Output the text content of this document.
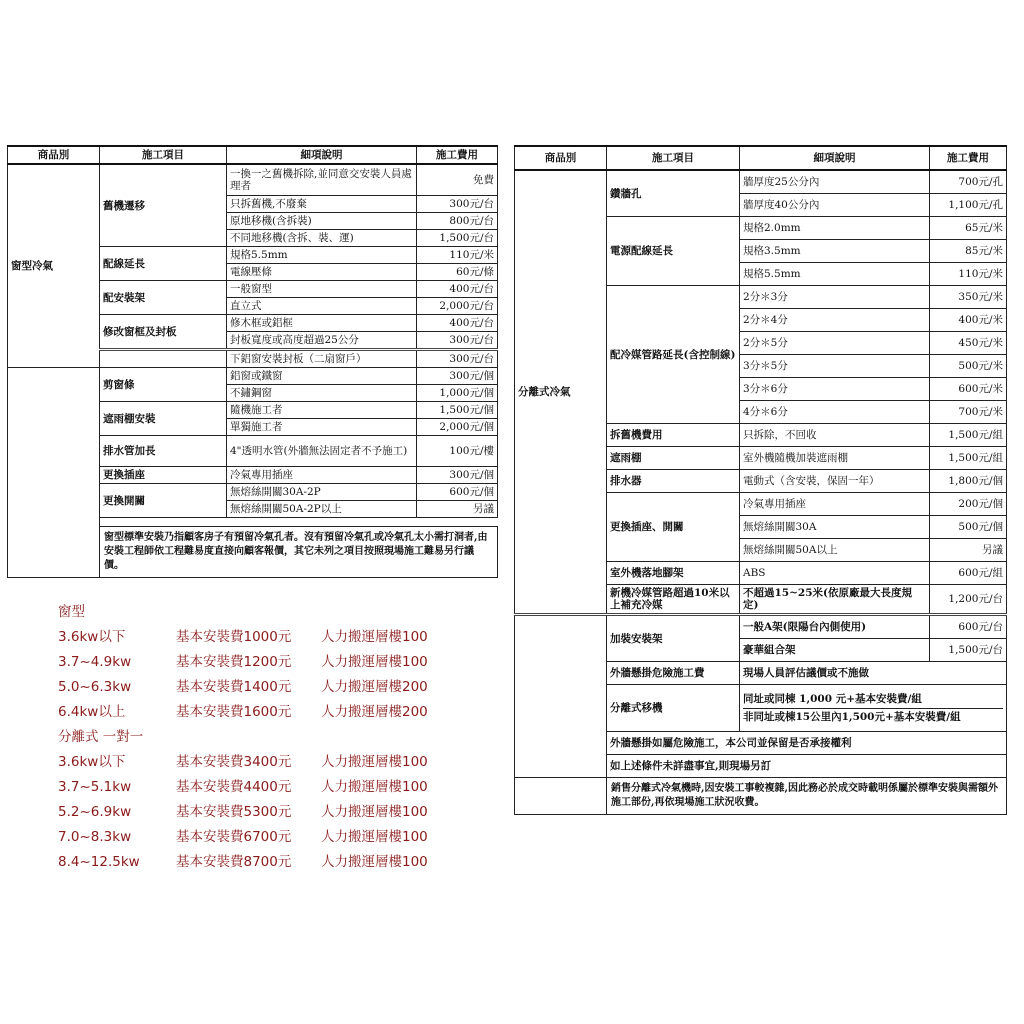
商品別	施工項目	細項說明	施工費用
窗型冷氣	舊機遷移	一換一之舊機拆除,並同意交安裝人員處理者	免費
		只拆舊機,不廢棄	300元/台
		原地移機(含拆裝)	800元/台
		不同地移機(含拆、裝、運)	1,500元/台
	配線延長	規格5.5mm	110元/米
		電線壓條	60元/條
	配安裝架	一般窗型	400元/台
		直立式	2,000元/台
	修改窗框及封板	修木框或鋁框	400元/台
		封板寬度或高度超過25公分	300元/台
		下鋁窗安裝封板（二扇窗戶）	300元/台
	剪窗條	鋁窗或鐵窗	300元/個
		不鏽鋼窗	1,000元/個
	遮雨棚安裝	隨機施工者	1,500元/個
		單獨施工者	2,000元/個
	排水管加長	4"透明水管(外牆無法固定者不予施工)	100元/樓
	更換插座	冷氣專用插座	300元/個
	更換開關	無熔絲開關30A-2P	600元/個
		無熔絲開關50A-2P以上	另議

	窗型標準安裝乃指顧客房子有預留冷氣孔者。沒有預留冷氣孔或冷氣孔太小需打洞者,由安裝工程師依工程難易度直接向顧客報價，其它未列之項目按照現場施工難易另行議價。		
商品別	施工項目	細項說明	施工費用
分離式冷氣	鑽牆孔	牆厚度25公分內	700元/孔
		牆厚度40公分內	1,100元/孔
	電源配線延長	規格2.0mm	65元/米
		規格3.5mm	85元/米
		規格5.5mm	110元/米
	配冷媒管路延長(含控制線)	2分＊3分	350元/米
		2分＊4分	400元/米
		2分＊5分	450元/米
		3分＊5分	500元/米
		3分＊6分	600元/米
		4分＊6分	700元/米
	拆舊機費用	只拆除，不回收	1,500元/組
	遮雨棚	室外機隨機加裝遮雨棚	1,500元/組
	排水器	電動式（含安裝，保固一年）	1,800元/個
	更換插座、開關	冷氣專用插座	200元/個
		無熔絲開關30A	500元/個
		無熔絲開關50A以上	另議
	室外機落地腳架	ABS	600元/組
	新機冷媒管路超過10米以上補充冷媒	不超過15~25米(依原廠最大長度規定)	1,200元/台
	加裝安裝架	一般A架(限陽台內側使用)	600元/台
		豪華組合架	1,500元/台
	外牆懸掛危險施工費	現場人員評估議價或不施做	
	分離式移機	同址或同棟 1,000 元+基本安裝費/組
非同址或棟15公里內1,500元+基本安裝費/組	

	外牆懸掛如屬危險施工，本公司並保留是否承接權利		
	如上述條件未詳盡事宜,則現場另訂		
	銷售分離式冷氣機時,因安裝工事較複雜,因此務必於成交時載明係屬於標準安裝與需額外施工部份,再依現場施工狀況收費。		
窗型
3.6kw以下	基本安裝費1000元 人力搬運層樓100
3.7~4.9kw	基本安裝費1200元 人力搬運層樓100
5.0~6.3kw	基本安裝費1400元 人力搬運層樓200
6.4kw以上	基本安裝費1600元 人力搬運層樓200
分離式 一對一
3.6kw以下	基本安裝費3400元 人力搬運層樓100
3.7~5.1kw	基本安裝費4400元 人力搬運層樓100
5.2~6.9kw	基本安裝費5300元 人力搬運層樓100
7.0~8.3kw	基本安裝費6700元 人力搬運層樓100
8.4~12.5kw	基本安裝費8700元 人力搬運層樓100
